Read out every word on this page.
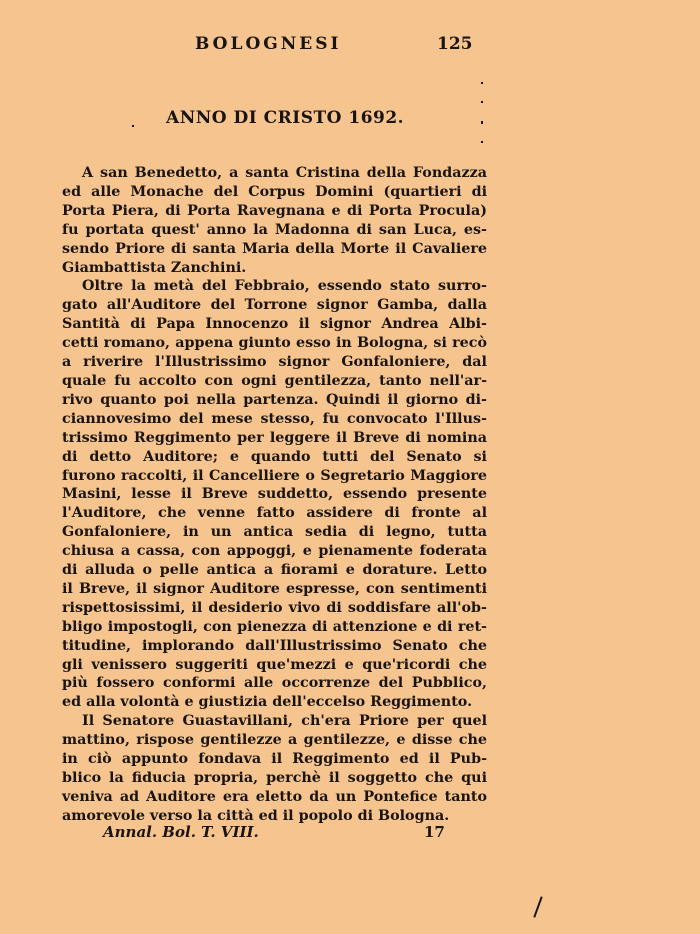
BOLOGNESI	125
ANNO DI CRISTO 1692.
A san Benedetto, a santa Cristina della Fondazza
ed alle Monache del Corpus Domini (quartieri di
Porta Piera, di Porta Ravegnana e di Porta Procula)
fu portata quest' anno la Madonna di san Luca, es-
sendo Priore di santa Maria della Morte il Cavaliere
Giambattista Zanchini.
Oltre la metà del Febbraio, essendo stato surro-
gato all'Auditore del Torrone signor Gamba, dalla
Santità di Papa Innocenzo il signor Andrea Albi-
cetti romano, appena giunto esso in Bologna, si recò
a riverire l'Illustrissimo signor Gonfaloniere, dal
quale fu accolto con ogni gentilezza, tanto nell'ar-
rivo quanto poi nella partenza. Quindi il giorno di-
ciannovesimo del mese stesso, fu convocato l'Illus-
trissimo Reggimento per leggere il Breve di nomina
di detto Auditore; e quando tutti del Senato si
furono raccolti, il Cancelliere o Segretario Maggiore
Masini, lesse il Breve suddetto, essendo presente
l'Auditore, che venne fatto assidere di fronte al
Gonfaloniere, in un antica sedia di legno, tutta
chiusa a cassa, con appoggi, e pienamente foderata
di alluda o pelle antica a fiorami e dorature. Letto
il Breve, il signor Auditore espresse, con sentimenti
rispettosissimi, il desiderio vivo di soddisfare all'ob-
bligo impostogli, con pienezza di attenzione e di ret-
titudine, implorando dall'Illustrissimo Senato che
gli venissero suggeriti que'mezzi e que'ricordi che
più fossero conformi alle occorrenze del Pubblico,
ed alla volontà e giustizia dell'eccelso Reggimento.
Il Senatore Guastavillani, ch'era Priore per quel
mattino, rispose gentilezze a gentilezze, e disse che
in ciò appunto fondava il Reggimento ed il Pub-
blico la fiducia propria, perchè il soggetto che qui
veniva ad Auditore era eletto da un Pontefice tanto
amorevole verso la città ed il popolo di Bologna.
Annal. Bol. T. VIII.	17
